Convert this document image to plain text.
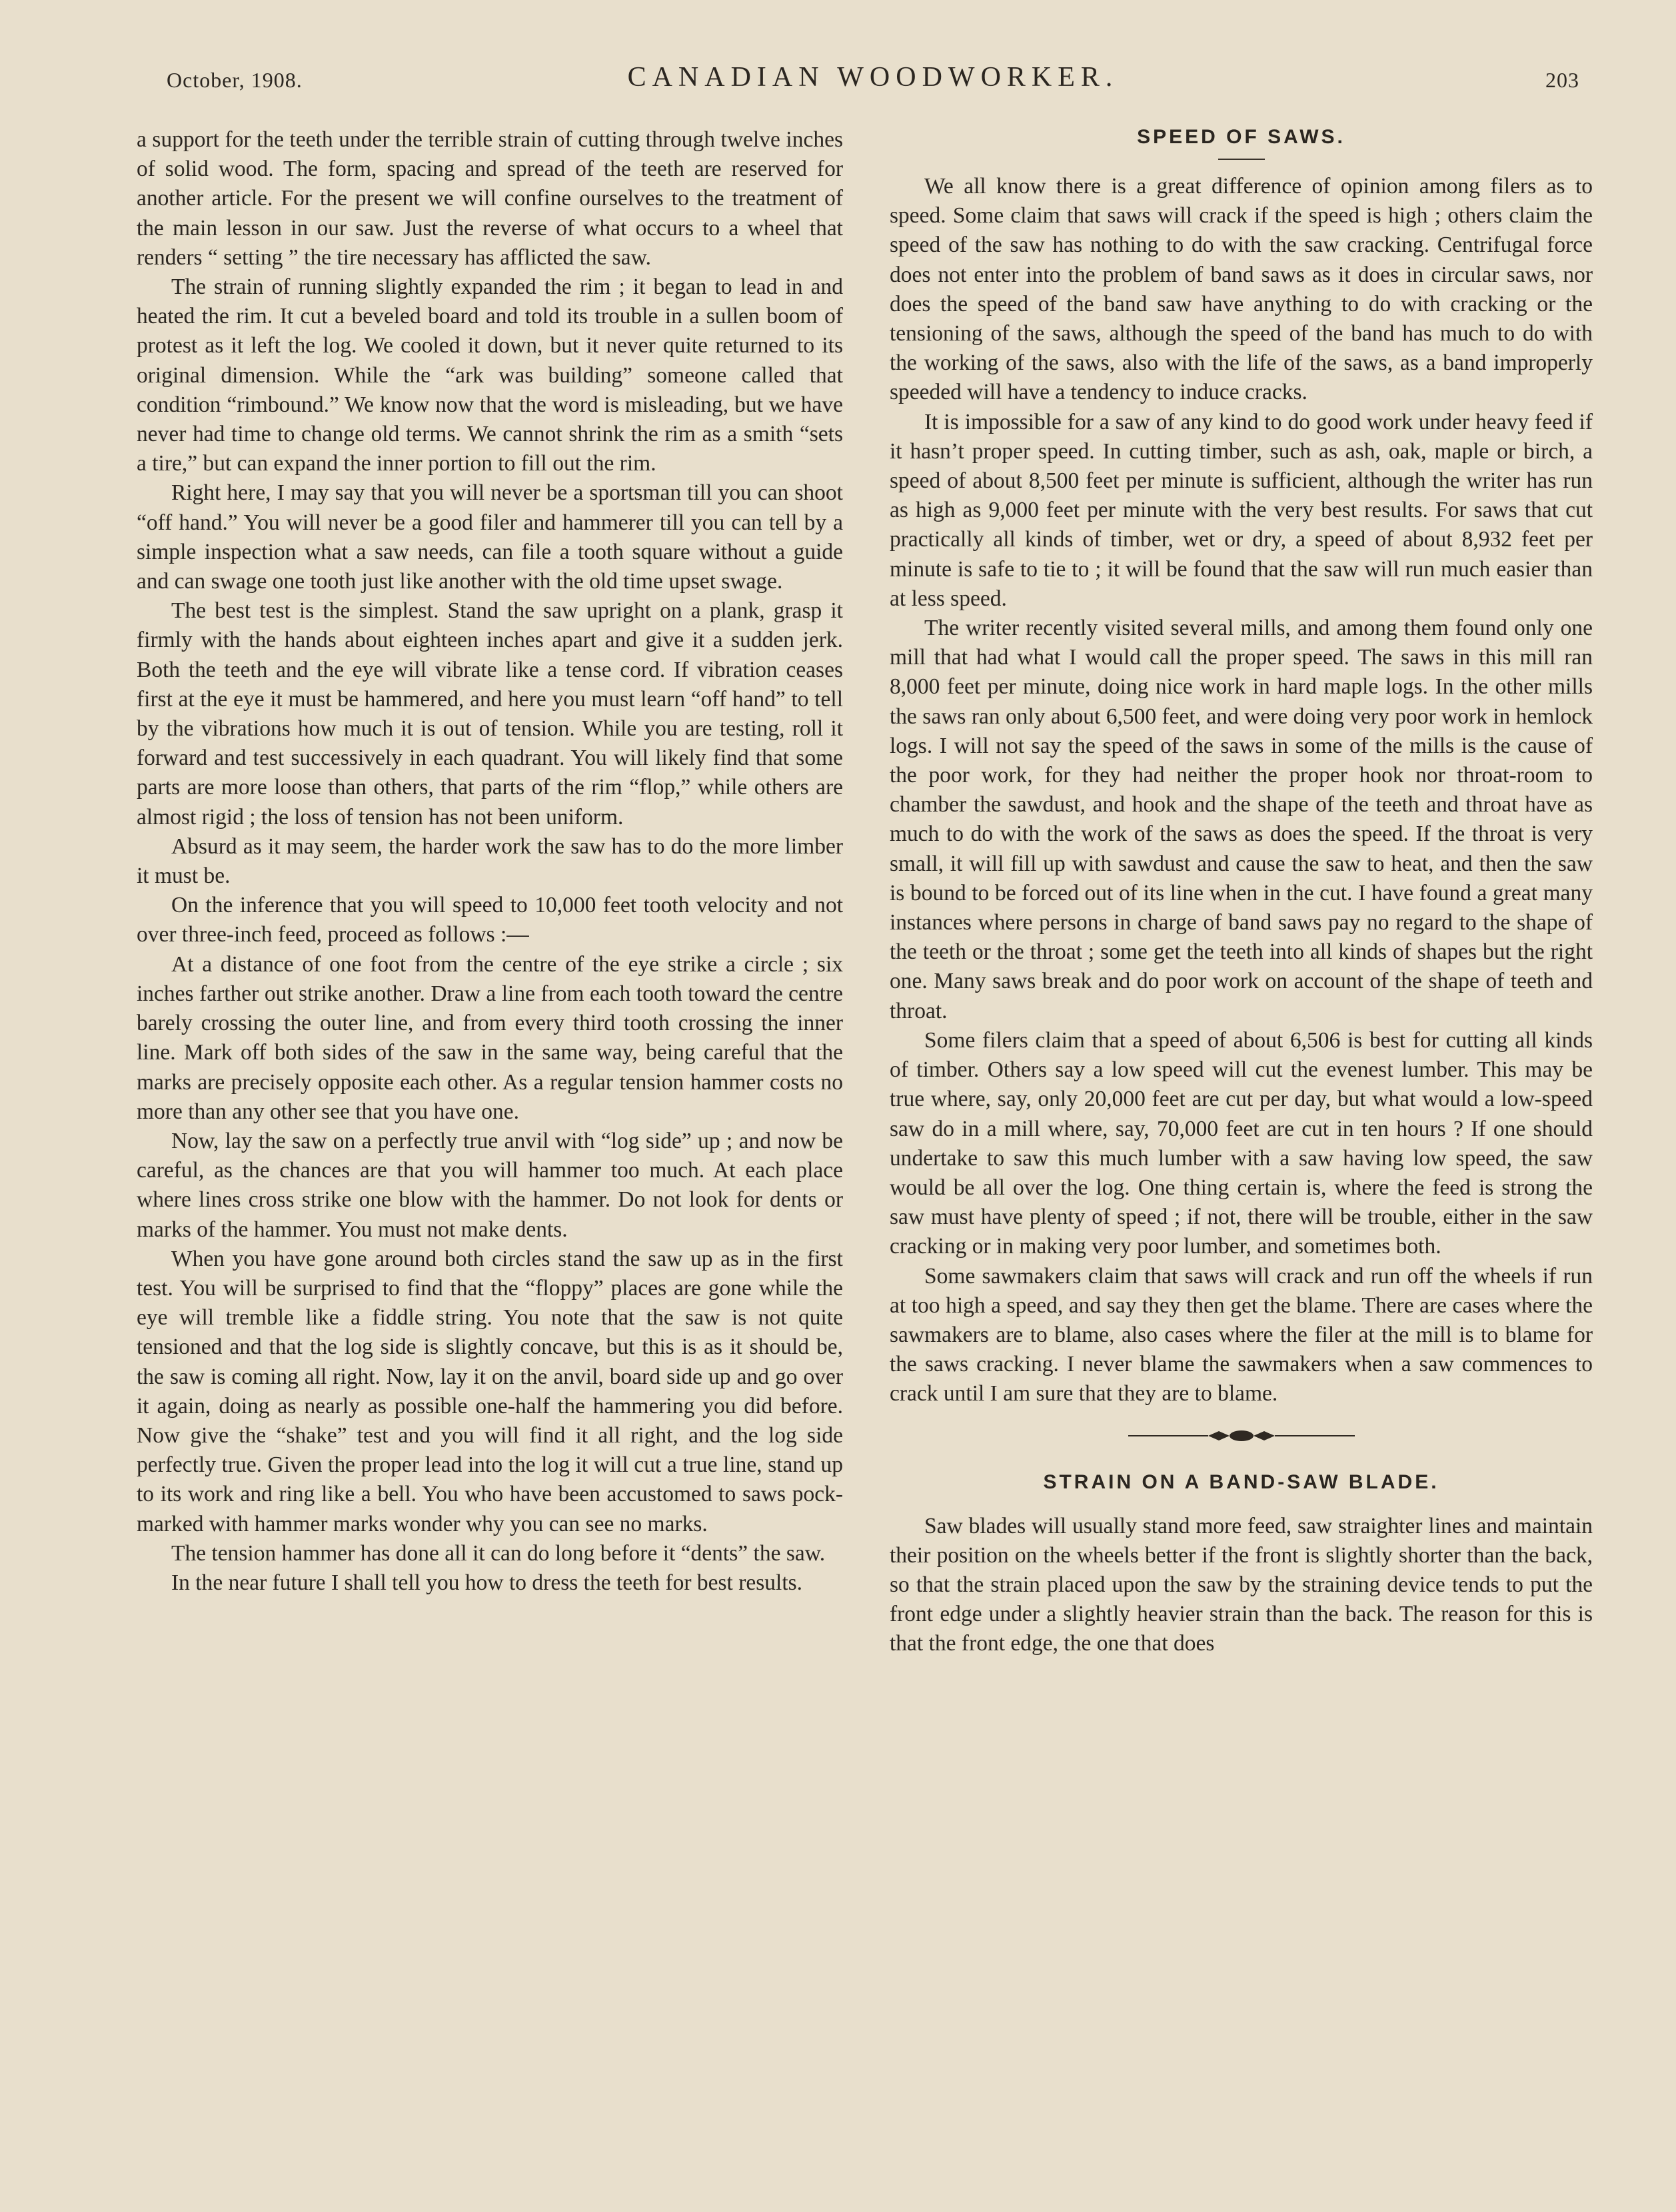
October, 1908.	CANADIAN WOODWORKER.	203

a support for the teeth under the terrible strain of cutting through twelve inches of solid wood. The form, spacing and spread of the teeth are reserved for another article. For the present we will confine ourselves to the treatment of the main lesson in our saw. Just the reverse of what occurs to a wheel that renders “ setting ” the tire necessary has afflicted the saw.

The strain of running slightly expanded the rim ; it began to lead in and heated the rim. It cut a beveled board and told its trouble in a sullen boom of protest as it left the log. We cooled it down, but it never quite returned to its original dimension. While the “ark was building” someone called that condition “rimbound.” We know now that the word is misleading, but we have never had time to change old terms. We cannot shrink the rim as a smith “sets a tire,” but can expand the inner portion to fill out the rim.

Right here, I may say that you will never be a sportsman till you can shoot “off hand.” You will never be a good filer and hammerer till you can tell by a simple inspection what a saw needs, can file a tooth square without a guide and can swage one tooth just like another with the old time upset swage.

The best test is the simplest. Stand the saw upright on a plank, grasp it firmly with the hands about eighteen inches apart and give it a sudden jerk. Both the teeth and the eye will vibrate like a tense cord. If vibration ceases first at the eye it must be hammered, and here you must learn “off hand” to tell by the vibrations how much it is out of tension. While you are testing, roll it forward and test successively in each quadrant. You will likely find that some parts are more loose than others, that parts of the rim “flop,” while others are almost rigid ; the loss of tension has not been uniform.

Absurd as it may seem, the harder work the saw has to do the more limber it must be.

On the inference that you will speed to 10,000 feet tooth velocity and not over three-inch feed, proceed as follows :—

At a distance of one foot from the centre of the eye strike a circle ; six inches farther out strike another. Draw a line from each tooth toward the centre barely crossing the outer line, and from every third tooth crossing the inner line. Mark off both sides of the saw in the same way, being careful that the marks are precisely opposite each other. As a regular tension hammer costs no more than any other see that you have one.

Now, lay the saw on a perfectly true anvil with “log side” up ; and now be careful, as the chances are that you will hammer too much. At each place where lines cross strike one blow with the hammer. Do not look for dents or marks of the hammer. You must not make dents.

When you have gone around both circles stand the saw up as in the first test. You will be surprised to find that the “floppy” places are gone while the eye will tremble like a fiddle string. You note that the saw is not quite tensioned and that the log side is slightly concave, but this is as it should be, the saw is coming all right. Now, lay it on the anvil, board side up and go over it again, doing as nearly as possible one-half the hammering you did before. Now give the “shake” test and you will find it all right, and the log side perfectly true. Given the proper lead into the log it will cut a true line, stand up to its work and ring like a bell. You who have been accustomed to saws pock-marked with hammer marks wonder why you can see no marks.

The tension hammer has done all it can do long before it “dents” the saw.

In the near future I shall tell you how to dress the teeth for best results.

SPEED OF SAWS.

We all know there is a great difference of opinion among filers as to speed. Some claim that saws will crack if the speed is high ; others claim the speed of the saw has nothing to do with the saw cracking. Centrifugal force does not enter into the problem of band saws as it does in circular saws, nor does the speed of the band saw have anything to do with cracking or the tensioning of the saws, although the speed of the band has much to do with the working of the saws, also with the life of the saws, as a band improperly speeded will have a tendency to induce cracks.

It is impossible for a saw of any kind to do good work under heavy feed if it hasn’t proper speed. In cutting timber, such as ash, oak, maple or birch, a speed of about 8,500 feet per minute is sufficient, although the writer has run as high as 9,000 feet per minute with the very best results. For saws that cut practically all kinds of timber, wet or dry, a speed of about 8,932 feet per minute is safe to tie to ; it will be found that the saw will run much easier than at less speed.

The writer recently visited several mills, and among them found only one mill that had what I would call the proper speed. The saws in this mill ran 8,000 feet per minute, doing nice work in hard maple logs. In the other mills the saws ran only about 6,500 feet, and were doing very poor work in hemlock logs. I will not say the speed of the saws in some of the mills is the cause of the poor work, for they had neither the proper hook nor throat-room to chamber the sawdust, and hook and the shape of the teeth and throat have as much to do with the work of the saws as does the speed. If the throat is very small, it will fill up with sawdust and cause the saw to heat, and then the saw is bound to be forced out of its line when in the cut. I have found a great many instances where persons in charge of band saws pay no regard to the shape of the teeth or the throat ; some get the teeth into all kinds of shapes but the right one. Many saws break and do poor work on account of the shape of teeth and throat.

Some filers claim that a speed of about 6,506 is best for cutting all kinds of timber. Others say a low speed will cut the evenest lumber. This may be true where, say, only 20,000 feet are cut per day, but what would a low-speed saw do in a mill where, say, 70,000 feet are cut in ten hours ? If one should undertake to saw this much lumber with a saw having low speed, the saw would be all over the log. One thing certain is, where the feed is strong the saw must have plenty of speed ; if not, there will be trouble, either in the saw cracking or in making very poor lumber, and sometimes both.

Some sawmakers claim that saws will crack and run off the wheels if run at too high a speed, and say they then get the blame. There are cases where the sawmakers are to blame, also cases where the filer at the mill is to blame for the saws cracking. I never blame the sawmakers when a saw commences to crack until I am sure that they are to blame.

STRAIN ON A BAND-SAW BLADE.

Saw blades will usually stand more feed, saw straighter lines and maintain their position on the wheels better if the front is slightly shorter than the back, so that the strain placed upon the saw by the straining device tends to put the front edge under a slightly heavier strain than the back. The reason for this is that the front edge, the one that does
